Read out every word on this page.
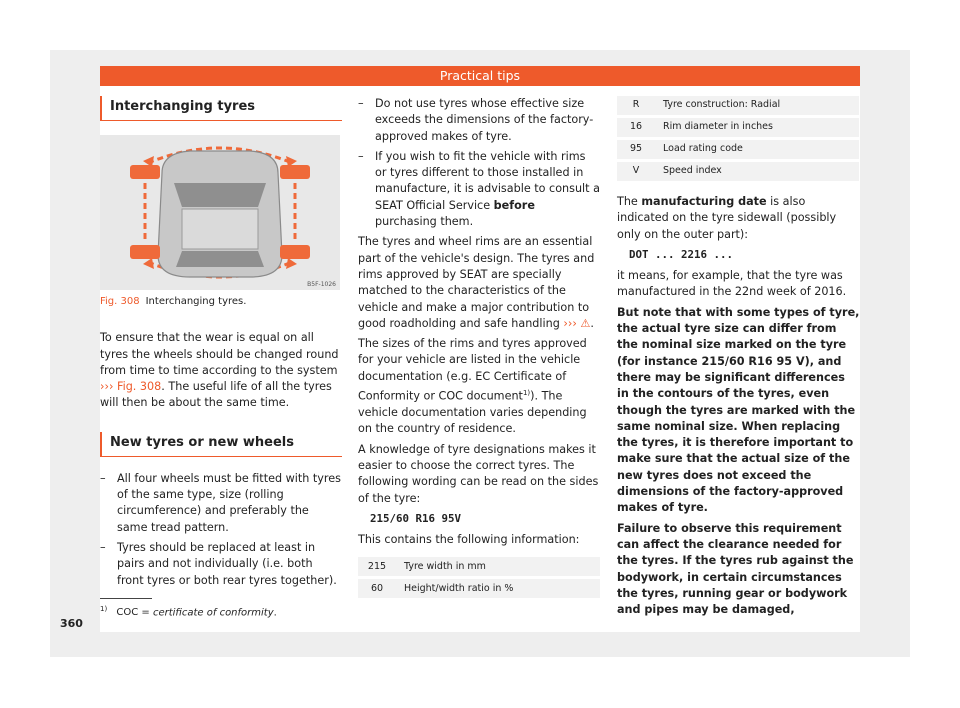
Practical tips
Interchanging tyres
B5F-1026
Fig. 308 Interchanging tyres.

To ensure that the wear is equal on all tyres the wheels should be changed round from time to time according to the system ››› Fig. 308. The useful life of all the tyres will then be about the same time.

New tyres or new wheels
– All four wheels must be fitted with tyres of the same type, size (rolling circumference) and preferably the same tread pattern.
– Tyres should be replaced at least in pairs and not individually (i.e. both front tyres or both rear tyres together).
– Do not use tyres whose effective size exceeds the dimensions of the factory-approved makes of tyre.
– If you wish to fit the vehicle with rims or tyres different to those installed in manufacture, it is advisable to consult a SEAT Official Service before purchasing them.

The tyres and wheel rims are an essential part of the vehicle's design. The tyres and rims approved by SEAT are specially matched to the characteristics of the vehicle and make a major contribution to good roadholding and safe handling ››› ⚠.

The sizes of the rims and tyres approved for your vehicle are listed in the vehicle documentation (e.g. EC Certificate of Conformity or COC document$^{1)}$). The vehicle documentation varies depending on the country of residence.

A knowledge of tyre designations makes it easier to choose the correct tyres. The following wording can be read on the sides of the tyre:

215/60 R16 95V

This contains the following information:

215	Tyre width in mm
60	Height/width ratio in %
R	Tyre construction: Radial
16	Rim diameter in inches
95	Load rating code
V	Speed index

The manufacturing date is also indicated on the tyre sidewall (possibly only on the outer part):

DOT ... 2216 ...

it means, for example, that the tyre was manufactured in the 22nd week of 2016.

But note that with some types of tyre, the actual tyre size can differ from the nominal size marked on the tyre (for instance 215/60 R16 95 V), and there may be significant differences in the contours of the tyres, even though the tyres are marked with the same nominal size. When replacing the tyres, it is therefore important to make sure that the actual size of the new tyres does not exceed the dimensions of the factory-approved makes of tyre.

Failure to observe this requirement can affect the clearance needed for the tyres. If the tyres rub against the bodywork, in certain circumstances the tyres, running gear or bodywork and pipes may be damaged,

$^{1)}$ COC = certificate of conformity.
360
